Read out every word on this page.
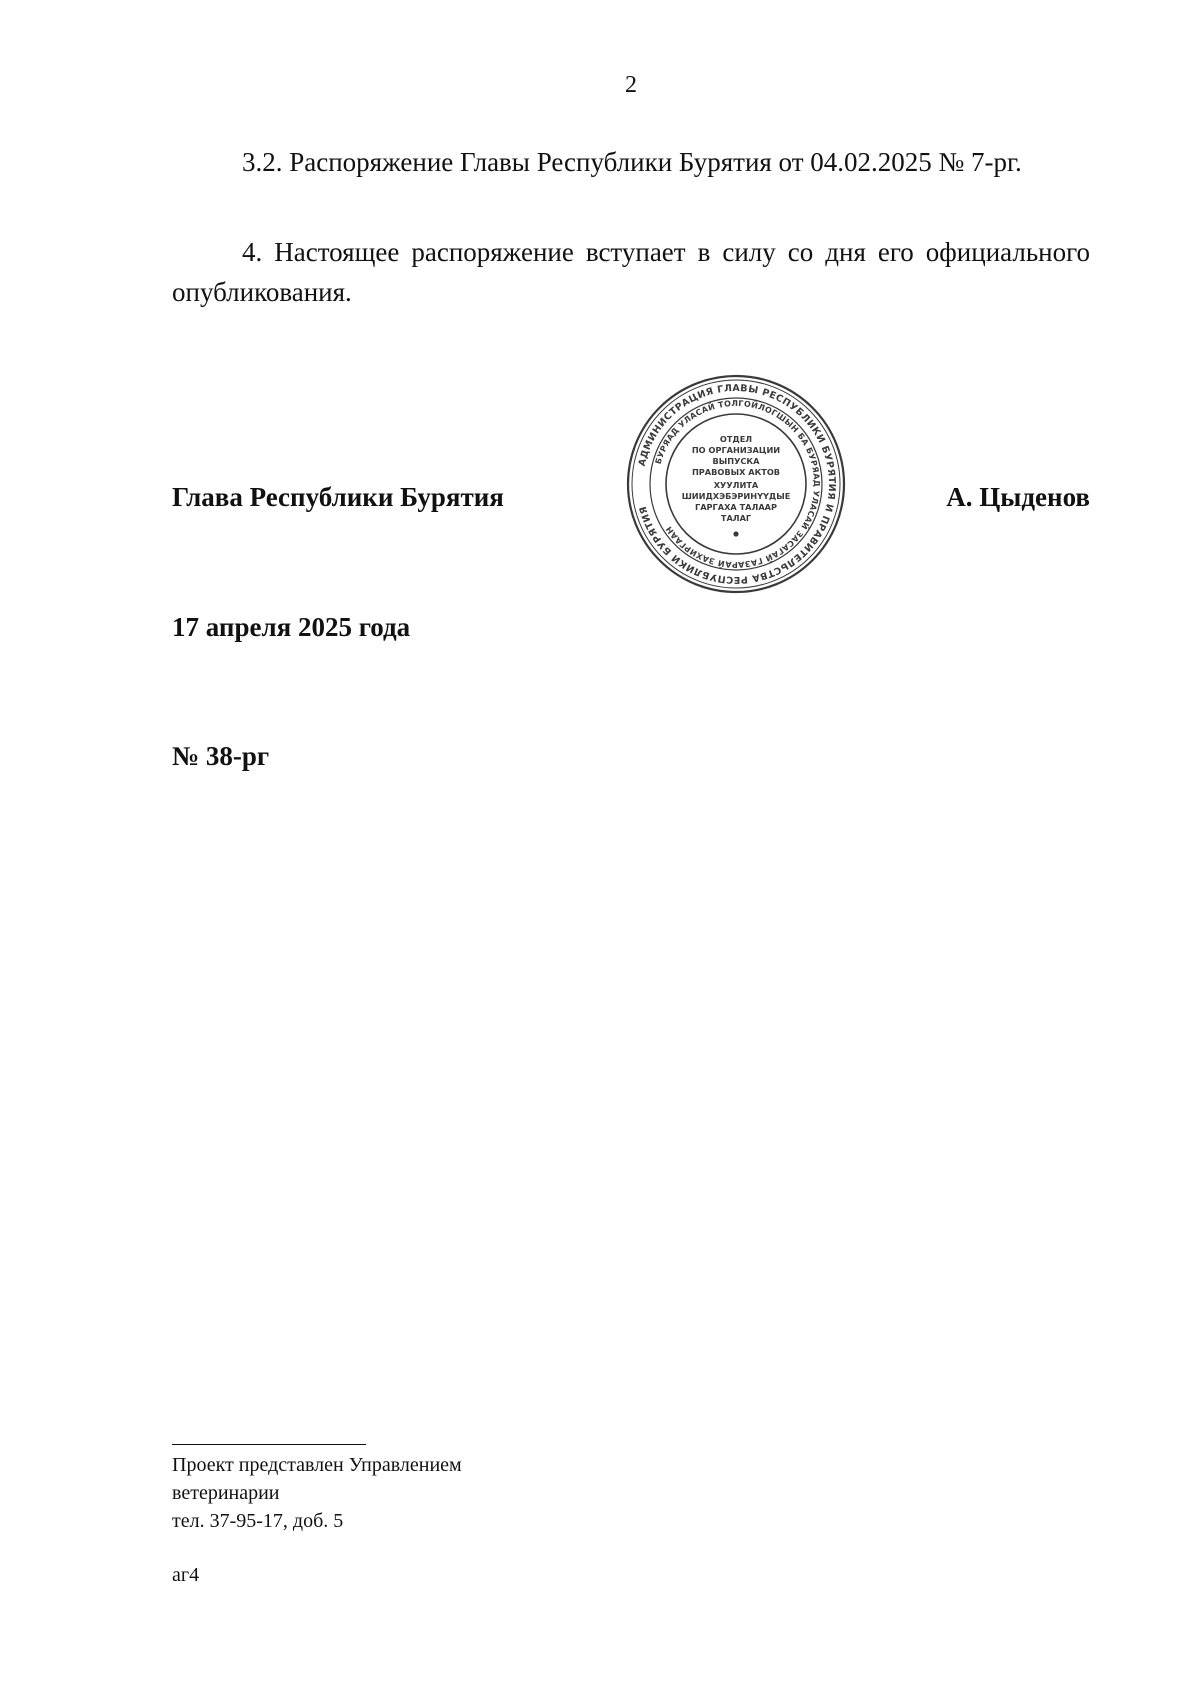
2

3.2. Распоряжение Главы Республики Бурятия от 04.02.2025 № 7-рг.

4. Настоящее распоряжение вступает в силу со дня его официального опубликования.

Глава Республики Бурятия
АДМИНИСТРАЦИЯ ГЛАВЫ РЕСПУБЛИКИ БУРЯТИЯ И ПРАВИТЕЛЬСТВА РЕСПУБЛИКИ БУРЯТИЯ
БУРЯАД УЛАСАЙ ТОЛГОЙЛОГШЫН БА БУРЯАД УЛАСАЙ ЗАСАГАЙ ГАЗАРАЙ ЗАХИРГААН
ОТДЕЛ
ПО ОРГАНИЗАЦИИ
ВЫПУСКА
ПРАВОВЫХ АКТОВ
ХУУЛИТА
ШИИДХЭБЭРИНҮҮДЫЕ
ГАРГАХА ТАЛААР
ТАЛАГ
А. Цыденов
17 апреля 2025 года
№ 38-рг
Проект представлен Управлением
ветеринарии
тел. 37-95-17, доб. 5
аг4
